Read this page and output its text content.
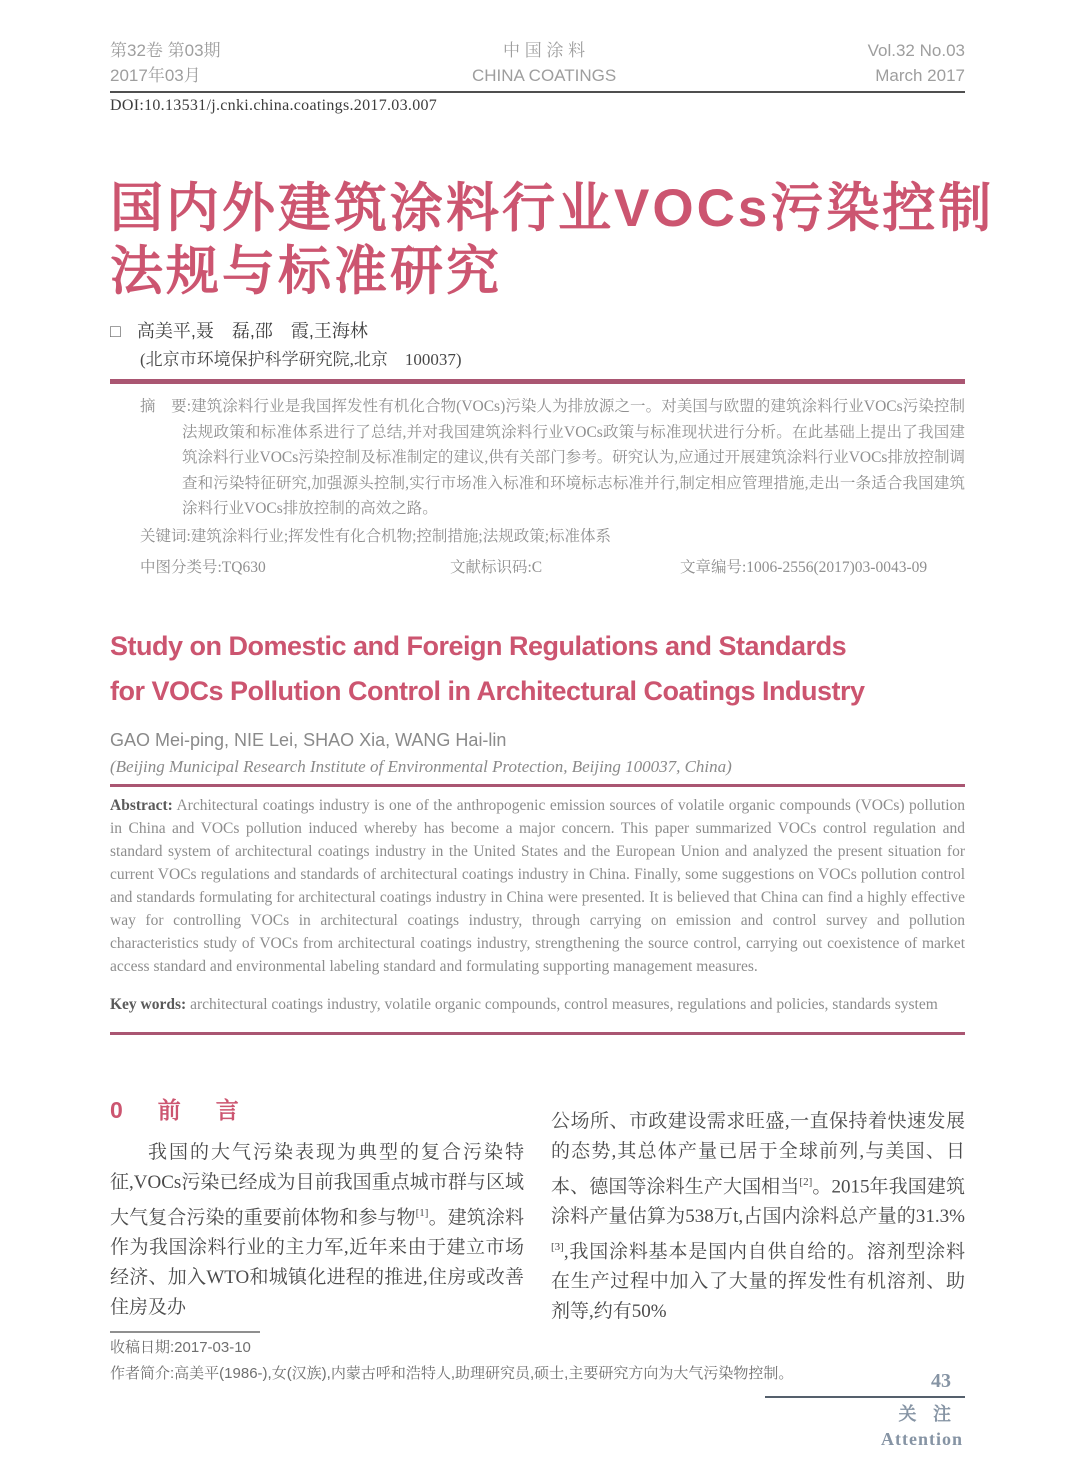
第32卷 第03期
2017年03月
中 国 涂 料
CHINA COATINGS
Vol.32 No.03
March 2017
DOI:10.13531/j.cnki.china.coatings.2017.03.007
国内外建筑涂料行业VOCs污染控制
法规与标准研究
□ 高美平,聂　磊,邵　霞,王海林
(北京市环境保护科学研究院,北京　100037)

摘　要:建筑涂料行业是我国挥发性有机化合物(VOCs)污染人为排放源之一。对美国与欧盟的建筑涂料行业VOCs污染控制法规政策和标准体系进行了总结,并对我国建筑涂料行业VOCs政策与标准现状进行分析。在此基础上提出了我国建筑涂料行业VOCs污染控制及标准制定的建议,供有关部门参考。研究认为,应通过开展建筑涂料行业VOCs排放控制调查和污染特征研究,加强源头控制,实行市场准入标准和环境标志标准并行,制定相应管理措施,走出一条适合我国建筑涂料行业VOCs排放控制的高效之路。

关键词:建筑涂料行业;挥发性有化合机物;控制措施;法规政策;标准体系

中图分类号:TQ630	文献标识码:C	文章编号:1006-2556(2017)03-0043-09
Study on Domestic and Foreign Regulations and Standards
for VOCs Pollution Control in Architectural Coatings Industry
GAO Mei-ping, NIE Lei, SHAO Xia, WANG Hai-lin
(Beijing Municipal Research Institute of Environmental Protection, Beijing 100037, China)

Abstract: Architectural coatings industry is one of the anthropogenic emission sources of volatile organic compounds (VOCs) pollution in China and VOCs pollution induced whereby has become a major concern. This paper summarized VOCs control regulation and standard system of architectural coatings industry in the United States and the European Union and analyzed the present situation for current VOCs regulations and standards of architectural coatings industry in China. Finally, some suggestions on VOCs pollution control and standards formulating for architectural coatings industry in China were presented. It is believed that China can find a highly effective way for controlling VOCs in architectural coatings industry, through carrying on emission and control survey and pollution characteristics study of VOCs from architectural coatings industry, strengthening the source control, carrying out coexistence of market access standard and environmental labeling standard and formulating supporting management measures.

Key words: architectural coatings industry, volatile organic compounds, control measures, regulations and policies, standards system

0　前　言

我国的大气污染表现为典型的复合污染特征,VOCs污染已经成为目前我国重点城市群与区域大气复合污染的重要前体物和参与物[1]。建筑涂料作为我国涂料行业的主力军,近年来由于建立市场经济、加入WTO和城镇化进程的推进,住房或改善住房及办

公场所、市政建设需求旺盛,一直保持着快速发展的态势,其总体产量已居于全球前列,与美国、日本、德国等涂料生产大国相当[2]。2015年我国建筑涂料产量估算为538万t,占国内涂料总产量的31.3%[3],我国涂料基本是国内自供自给的。溶剂型涂料在生产过程中加入了大量的挥发性有机溶剂、助剂等,约有50%

收稿日期:2017-03-10
作者简介:高美平(1986-),女(汉族),内蒙古呼和浩特人,助理研究员,硕士,主要研究方向为大气污染物控制。	43
关 注
Attention
